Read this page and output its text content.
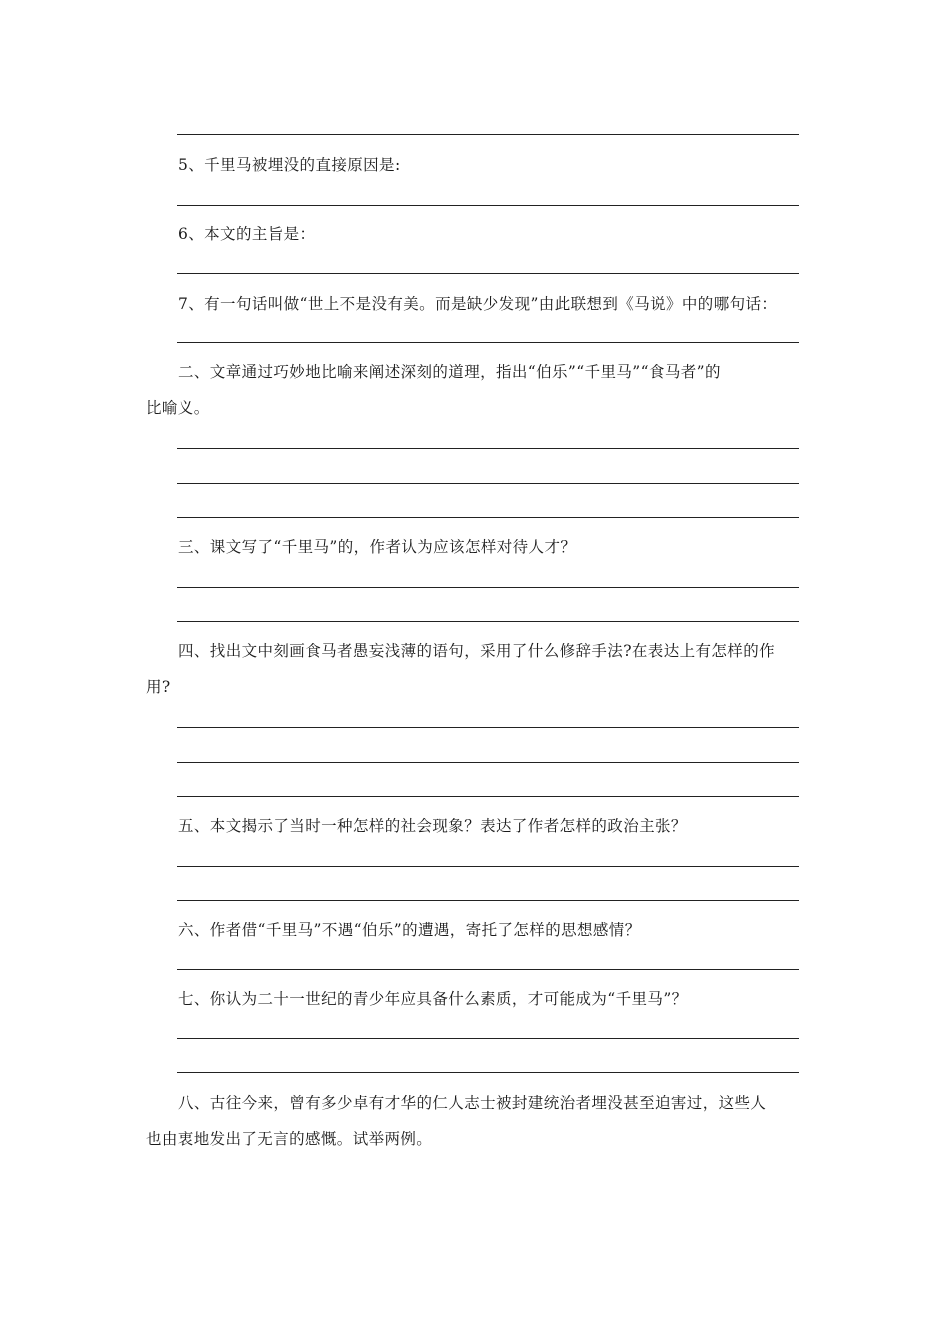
5、千里马被埋没的直接原因是:
6、本文的主旨是：
7、有一句话叫做“世上不是没有美。而是缺少发现”由此联想到《马说》中的哪句话：
二、文章通过巧妙地比喻来阐述深刻的道理，指出“伯乐”“千里马”“食马者”的
比喻义。
三、课文写了“千里马”的，作者认为应该怎样对待人才？
四、找出文中刻画食马者愚妄浅薄的语句，采用了什么修辞手法?在表达上有怎样的作
用?
五、本文揭示了当时一种怎样的社会现象？表达了作者怎样的政治主张？
六、作者借“千里马”不遇“伯乐”的遭遇，寄托了怎样的思想感情？
七、你认为二十一世纪的青少年应具备什么素质，才可能成为“千里马”？
八、古往今来，曾有多少卓有才华的仁人志士被封建统治者埋没甚至迫害过，这些人
也由衷地发出了无言的感慨。试举两例。
